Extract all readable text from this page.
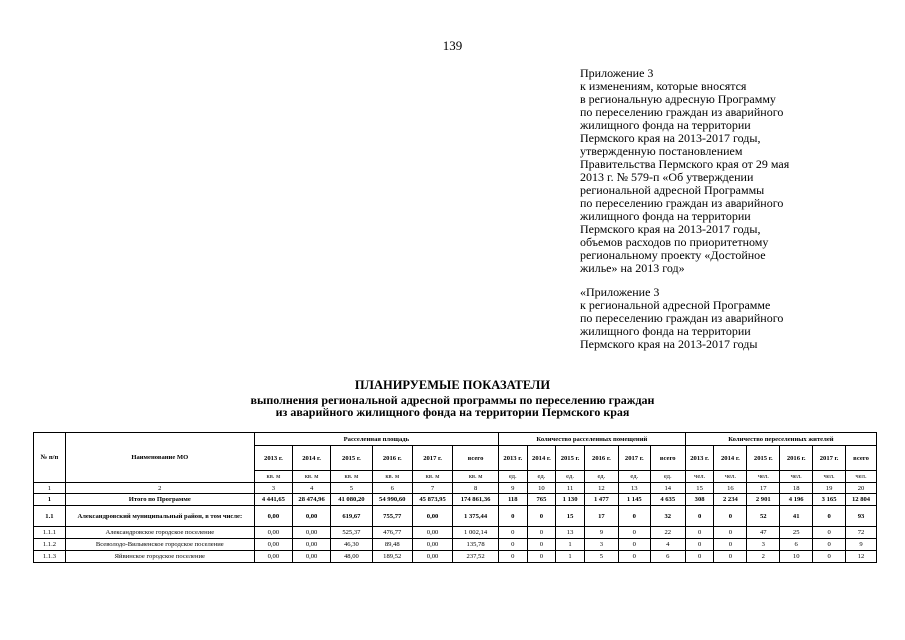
139
Приложение 3
к изменениям, которые вносятся
в региональную адресную Программу
по переселению граждан из аварийного
жилищного фонда на территории
Пермского края на 2013-2017 годы,
утвержденную постановлением
Правительства Пермского края от 29 мая
2013 г. № 579-п «Об утверждении
региональной адресной Программы
по переселению граждан из аварийного
жилищного фонда на территории
Пермского края на 2013-2017 годы,
объемов расходов по приоритетному
региональному проекту «Достойное
жилье» на 2013 год»
«Приложение 3
к региональной адресной Программе
по переселению граждан из аварийного
жилищного фонда на территории
Пермского края на 2013-2017 годы
ПЛАНИРУЕМЫЕ ПОКАЗАТЕЛИ
выполнения региональной адресной программы по переселению граждан
из аварийного жилищного фонда на территории Пермского края
№ п/п	Наименование МО	Расселенная площадь						Количество расселенных помещений						Количество переселенных жителей					
		2013 г.	2014 г.	2015 г.	2016 г.	2017 г.	всего	2013 г.	2014 г.	2015 г.	2016 г.	2017 г.	всего	2013 г.	2014 г.	2015 г.	2016 г.	2017 г.	всего
		кв. м	кв. м	кв. м	кв. м	кв. м	кв. м	ед.	ед.	ед.	ед.	ед.	ед.	чел.	чел.	чел.	чел.	чел.	чел.
1	2	3	4	5	6	7	8	9	10	11	12	13	14	15	16	17	18	19	20
1	Итого по Программе	4 441,65	28 474,96	41 080,20	54 990,60	45 873,95	174 861,36	118	765	1 130	1 477	1 145	4 635	308	2 234	2 901	4 196	3 165	12 804
1.1	Александровский муниципальный район, в том числе:	0,00	0,00	619,67	755,77	0,00	1 375,44	0	0	15	17	0	32	0	0	52	41	0	93
1.1.1	Александровское городское поселение	0,00	0,00	525,37	476,77	0,00	1 002,14	0	0	13	9	0	22	0	0	47	25	0	72
1.1.2	Всеволодо-Вильвенское городское поселение	0,00	0,00	46,30	89,48	0,00	135,78	0	0	1	3	0	4	0	0	3	6	0	9
1.1.3	Яйвинское городское поселение	0,00	0,00	48,00	189,52	0,00	237,52	0	0	1	5	0	6	0	0	2	10	0	12
